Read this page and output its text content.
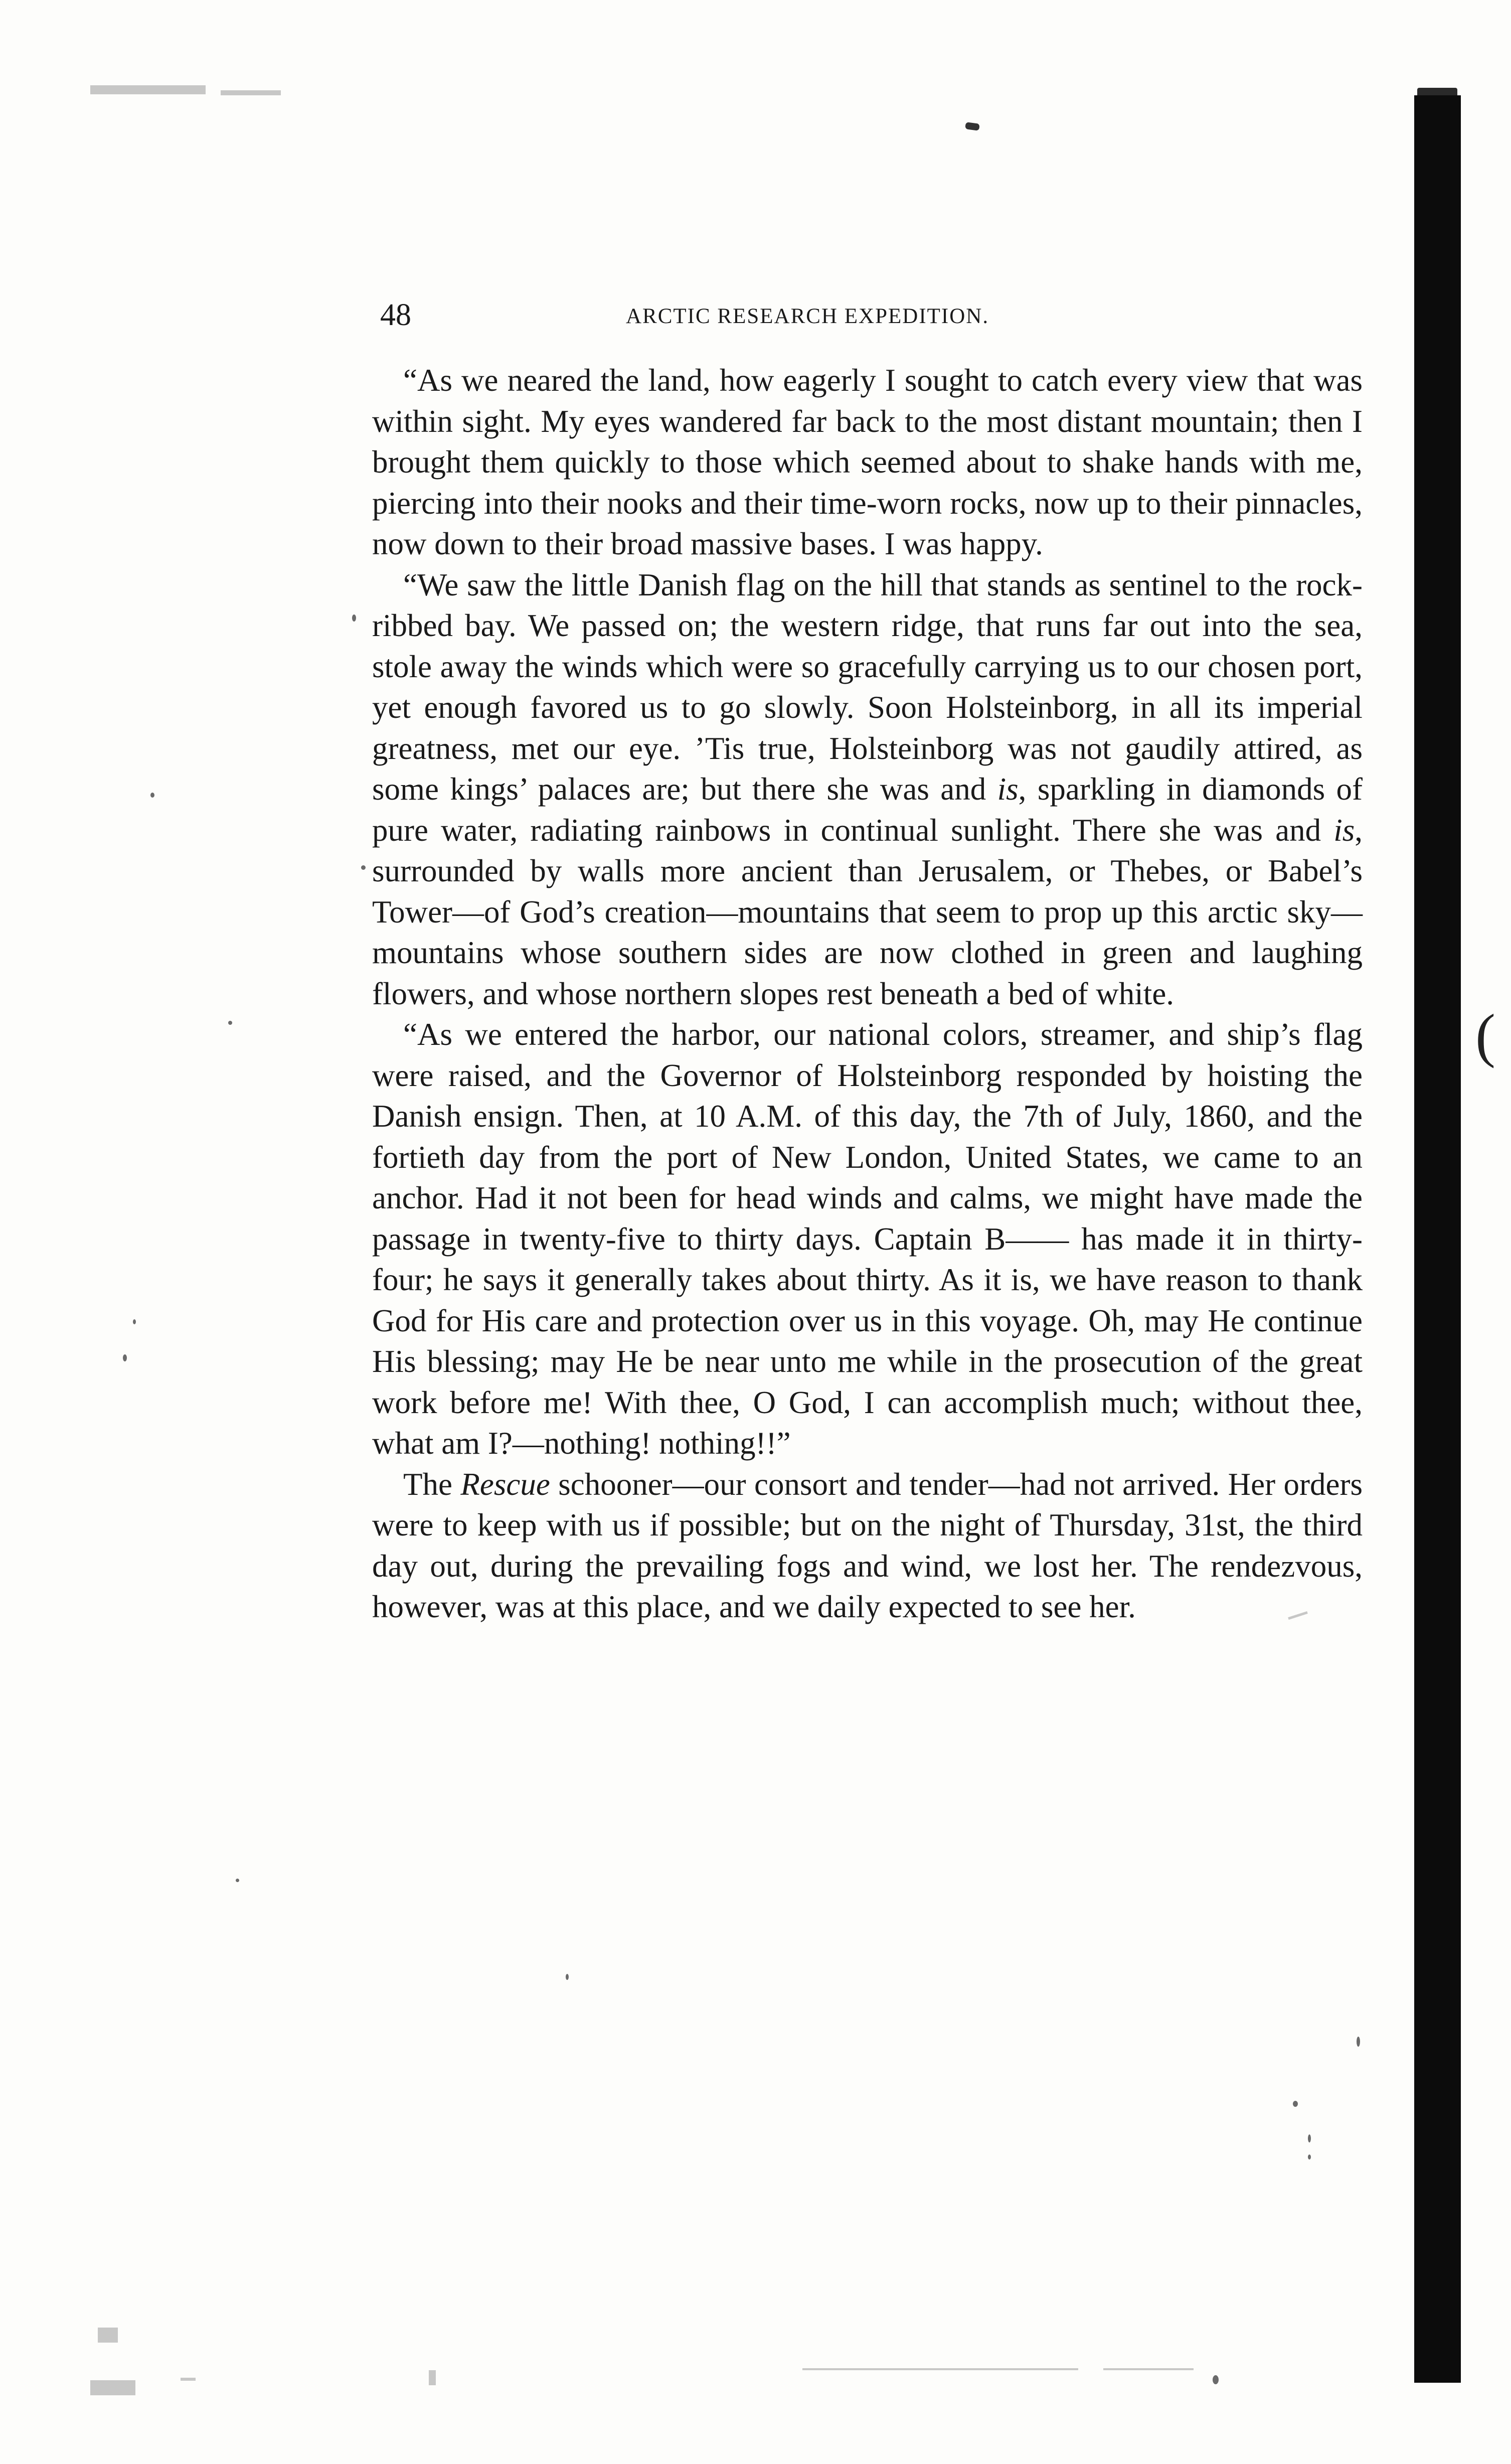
48	ARCTIC RESEARCH EXPEDITION.

“As we neared the land, how eagerly I sought to catch every view that was within sight. My eyes wandered far back to the most distant mountain; then I brought them quickly to those which seemed about to shake hands with me, piercing into their nooks and their time-worn rocks, now up to their pinnacles, now down to their broad massive bases. I was happy.

“We saw the little Danish flag on the hill that stands as sentinel to the rock-ribbed bay. We passed on; the western ridge, that runs far out into the sea, stole away the winds which were so gracefully carrying us to our chosen port, yet enough favored us to go slowly. Soon Holsteinborg, in all its imperial greatness, met our eye. ’Tis true, Holsteinborg was not gaudily attired, as some kings’ palaces are; but there she was and is, sparkling in diamonds of pure water, radiating rainbows in continual sunlight. There she was and is, surrounded by walls more ancient than Jerusalem, or Thebes, or Babel’s Tower—of God’s creation—mountains that seem to prop up this arctic sky—mountains whose southern sides are now clothed in green and laughing flowers, and whose northern slopes rest beneath a bed of white.

“As we entered the harbor, our national colors, streamer, and ship’s flag were raised, and the Governor of Holsteinborg responded by hoisting the Danish ensign. Then, at 10 A.M. of this day, the 7th of July, 1860, and the fortieth day from the port of New London, United States, we came to an anchor. Had it not been for head winds and calms, we might have made the passage in twenty-five to thirty days. Captain B—— has made it in thirty-four; he says it generally takes about thirty. As it is, we have reason to thank God for His care and protection over us in this voyage. Oh, may He continue His blessing; may He be near unto me while in the prosecution of the great work before me! With thee, O God, I can accomplish much; without thee, what am I?—nothing! nothing!!”

The Rescue schooner—our consort and tender—had not arrived. Her orders were to keep with us if possible; but on the night of Thursday, 31st, the third day out, during the prevailing fogs and wind, we lost her. The rendezvous, however, was at this place, and we daily expected to see her.

(
